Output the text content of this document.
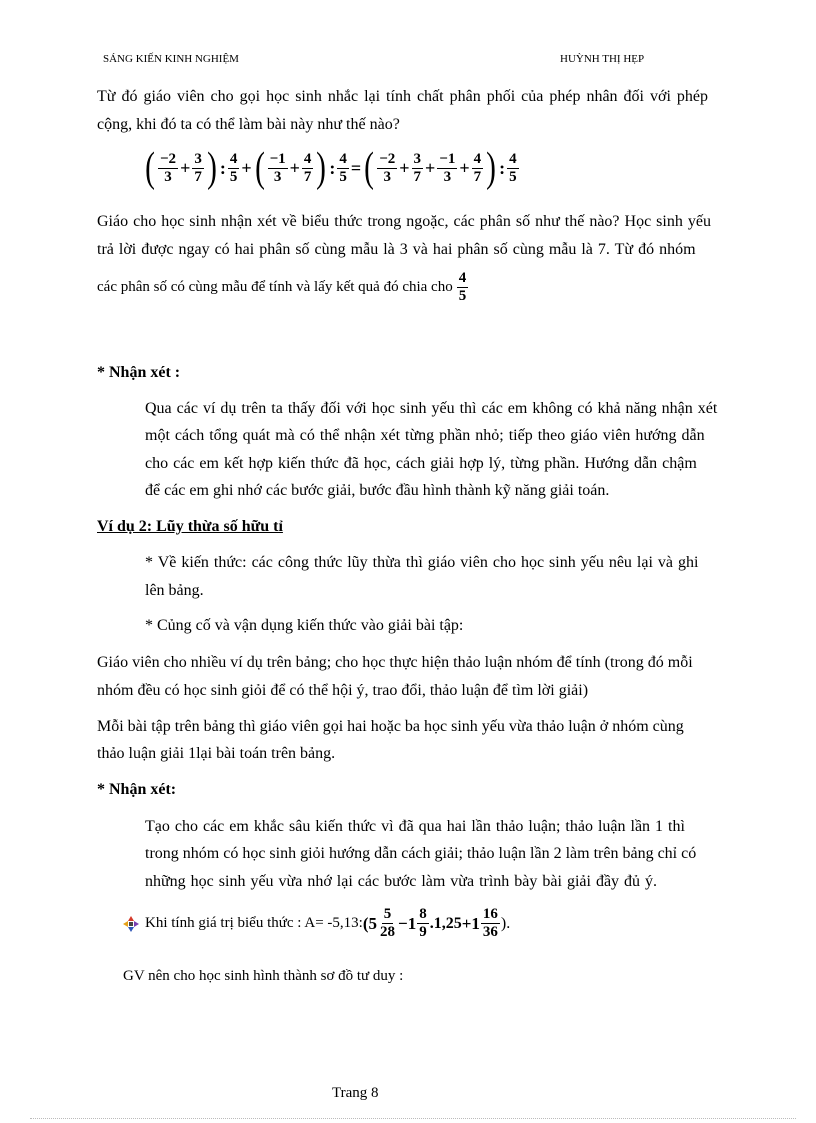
SÁNG KIẾN KINH NGHIỆM	HUỲNH THỊ HẸP
Từ đó giáo viên cho gọi học sinh nhắc lại tính chất phân phối của phép nhân đối với phép
cộng, khi đó ta có thể làm bài này như thế nào?
( $\frac{-2}{3} + \frac{3}{7}$ ) : $\frac{4}{5}$ + ( $\frac{-1}{3} + \frac{4}{7}$ ) : $\frac{4}{5}$ = ( $\frac{-2}{3} + \frac{3}{7} + \frac{-1}{3} + \frac{4}{7}$ ) : $\frac{4}{5}$
Giáo cho học sinh nhận xét về biểu thức trong ngoặc, các phân số như thế nào? Học sinh yếu
trả lời được ngay có hai phân số cùng mẫu là 3 và hai phân số cùng mẫu là 7. Từ đó nhóm
các phân số có cùng mẫu để tính và lấy kết quả đó chia cho $\frac{4}{5}$
* Nhận xét :
Qua các ví dụ trên ta thấy đối với học sinh yếu thì các em không có khả năng nhận xét
một cách tổng quát mà có thể nhận xét từng phần nhỏ; tiếp theo giáo viên hướng dẫn
cho các em kết hợp kiến thức đã học, cách giải hợp lý, từng phần. Hướng dẫn chậm
để các em ghi nhớ các bước giải, bước đầu hình thành kỹ năng giải toán.
Ví dụ 2: Lũy thừa số hữu tỉ
* Về kiến thức: các công thức lũy thừa thì giáo viên cho học sinh yếu nêu lại và ghi
lên bảng.
* Củng cố và vận dụng kiến thức vào giải bài tập:
Giáo viên cho nhiều ví dụ trên bảng; cho học thực hiện thảo luận nhóm để tính (trong đó mỗi
nhóm đều có học sinh giỏi để có thể hội ý, trao đổi, thảo luận để tìm lời giải)
Mỗi bài tập trên bảng thì giáo viên gọi hai hoặc ba học sinh yếu vừa thảo luận ở nhóm cùng
thảo luận giải 1lại bài toán trên bảng.
* Nhận xét:
Tạo cho các em khắc sâu kiến thức vì đã qua hai lần thảo luận; thảo luận lần 1 thì
trong nhóm có học sinh giỏi hướng dẫn cách giải; thảo luận lần 2 làm trên bảng chỉ có
những học sinh yếu vừa nhớ lại các bước làm vừa trình bày bài giải đầy đủ ý.
Khi tính giá trị biểu thức : A= -5,13: ( $5 \frac{5}{28} - 1 \frac{8}{9} .1,25 + 1 \frac{16}{36}$ ).
GV nên cho học sinh hình thành sơ đồ tư duy :
Trang 8
